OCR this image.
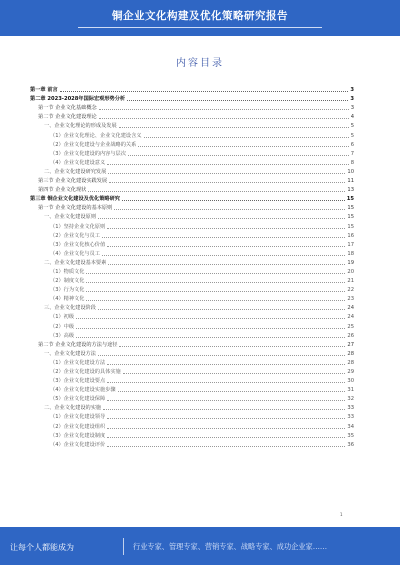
铜企业文化构建及优化策略研究报告
内容目录
第一章 前言	3
第二章 2023-2028年国际宏观形势分析	3
第一节 企业文化基础概念	3
第二节 企业文化建设理论	4
一、企业文化理论的形成及发展	5
（1）企业文化理论、企业文化建设含义	5
（2）企业文化建设与企业战略的关系	6
（3）企业文化建设的内容与层次	7
（4）企业文化建设意义	8
二、企业文化建设研究发展	10
第三节 企业文化建设实践发展	11
第四节 企业文化现状	13
第三章 铜企业文化建设及优化策略研究	15
第一节 企业文化建设的基本原则	15
一、企业文化建设原则	15
（1）坚持企业文化原则	15
（2）企业文化与员工	16
（3）企业文化核心价值	17
（4）企业文化与员工	18
二、企业文化建设基本要素	19
（1）物质文化	20
（2）制度文化	21
（3）行为文化	22
（4）精神文化	23
三、企业文化建设阶段	24
（1）初级	24
（2）中级	25
（3）高级	26
第二节 企业文化建设的方法与途径	27
一、企业文化建设方法	28
（1）企业文化建设方法	28
（2）企业文化建设的具体实施	29
（3）企业文化建设要点	30
（4）企业文化建设实施步骤	31
（5）企业文化建设保障	32
二、企业文化建设的实施	33
（1）企业文化建设领导	33
（2）企业文化建设组织	34
（3）企业文化建设制度	35
（4）企业文化建设评价	36
1
让每个人都能成为	行业专家、管理专家、营销专家、战略专家、成功企业家……
